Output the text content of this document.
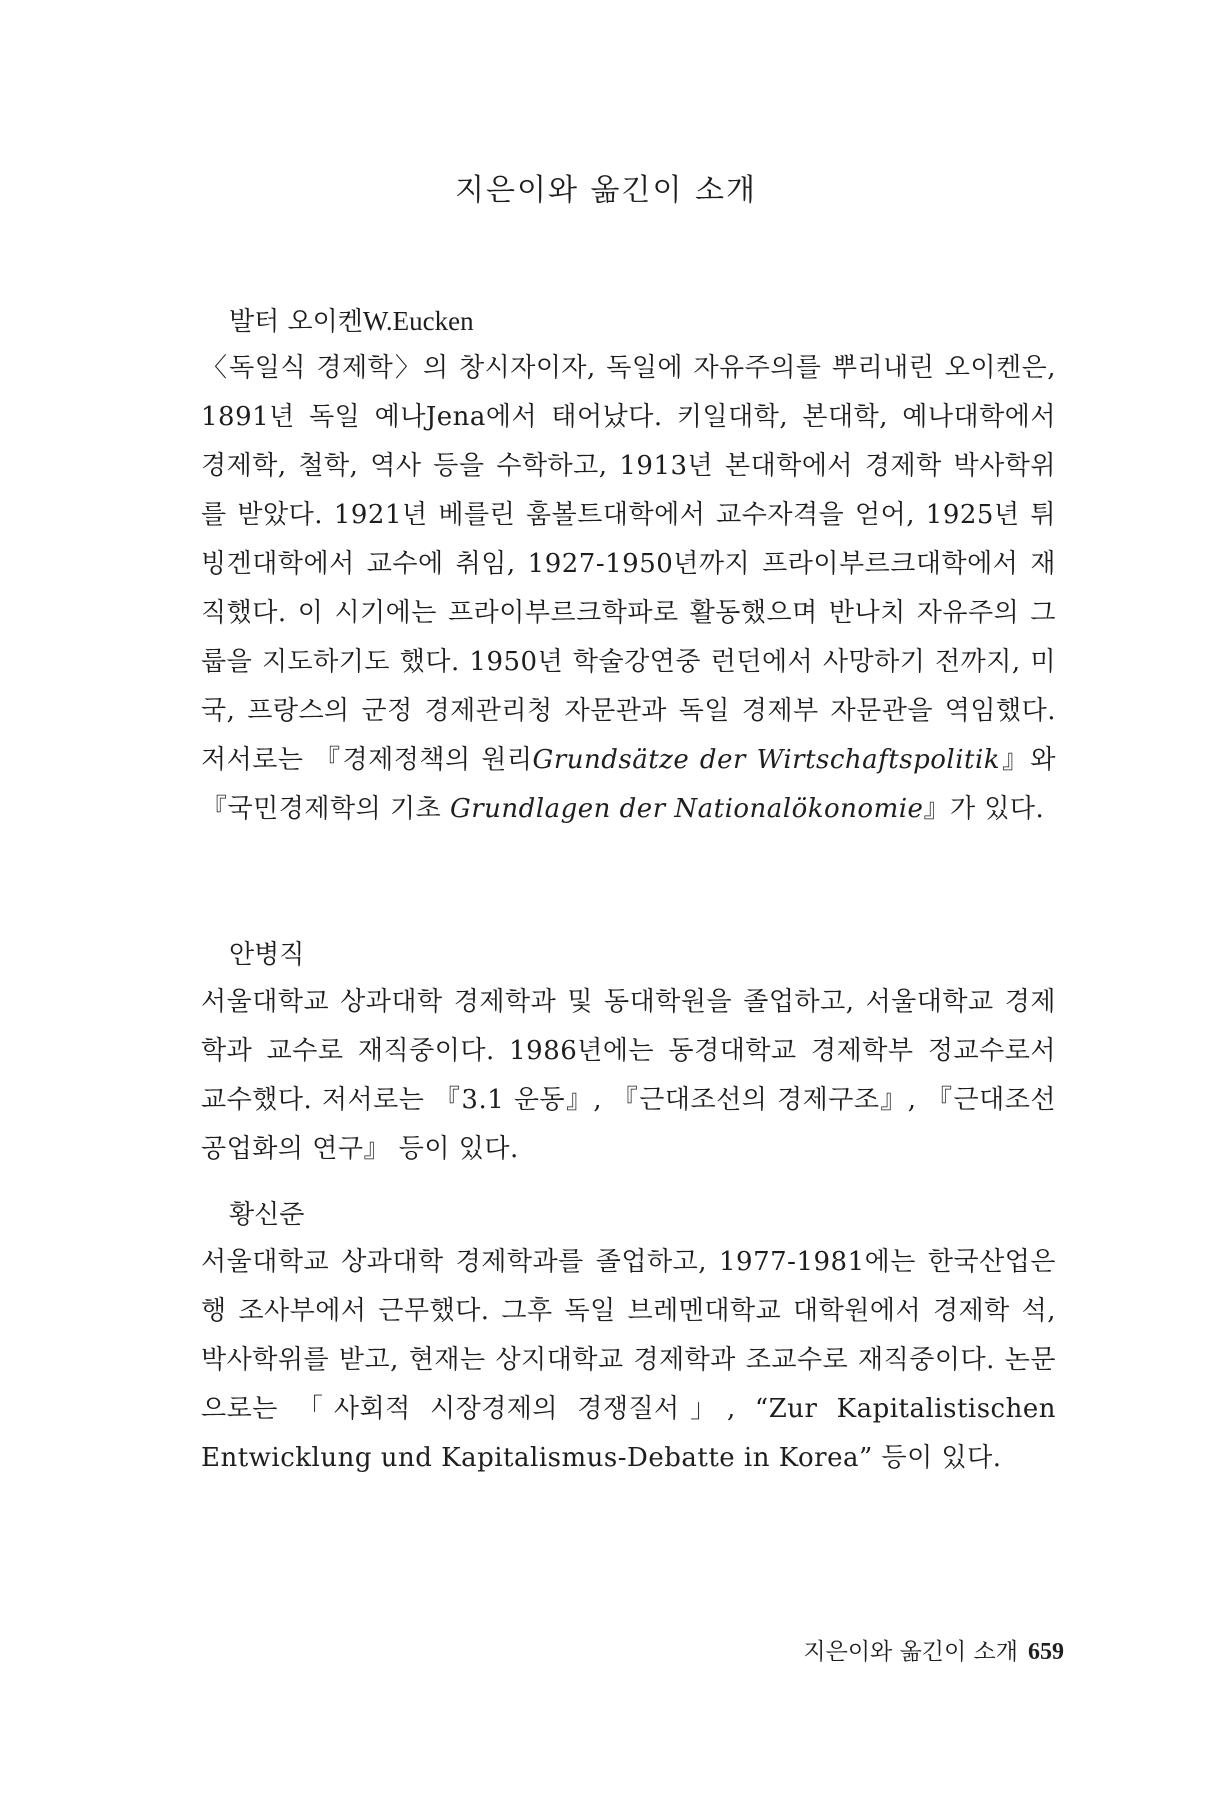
지은이와 옮긴이 소개
발터 오이켄W.Eucken
〈독일식 경제학〉의 창시자이자, 독일에 자유주의를 뿌리내린 오이켄은, 1891년 독일 예나Jena에서 태어났다. 키일대학, 본대학, 예나대학에서 경제학, 철학, 역사 등을 수학하고, 1913년 본대학에서 경제학 박사학위를 받았다. 1921년 베를린 훔볼트대학에서 교수자격을 얻어, 1925년 튀빙겐대학에서 교수에 취임, 1927-1950년까지 프라이부르크대학에서 재직했다. 이 시기에는 프라이부르크학파로 활동했으며 반나치 자유주의 그룹을 지도하기도 했다. 1950년 학술강연중 런던에서 사망하기 전까지, 미국, 프랑스의 군정 경제관리청 자문관과 독일 경제부 자문관을 역임했다. 저서로는 『경제정책의 원리Grundsätze der Wirtschaftspolitik』와 『국민경제학의 기초 Grundlagen der Nationalökonomie』가 있다.
안병직
서울대학교 상과대학 경제학과 및 동대학원을 졸업하고, 서울대학교 경제학과 교수로 재직중이다. 1986년에는 동경대학교 경제학부 정교수로서 교수했다. 저서로는 『3.1 운동』, 『근대조선의 경제구조』, 『근대조선공업화의 연구』 등이 있다.
황신준
서울대학교 상과대학 경제학과를 졸업하고, 1977-1981에는 한국산업은행 조사부에서 근무했다. 그후 독일 브레멘대학교 대학원에서 경제학 석, 박사학위를 받고, 현재는 상지대학교 경제학과 조교수로 재직중이다. 논문으로는 「사회적 시장경제의 경쟁질서」, “Zur Kapitalistischen Entwicklung und Kapitalismus-Debatte in Korea” 등이 있다.
지은이와 옮긴이 소개 659
